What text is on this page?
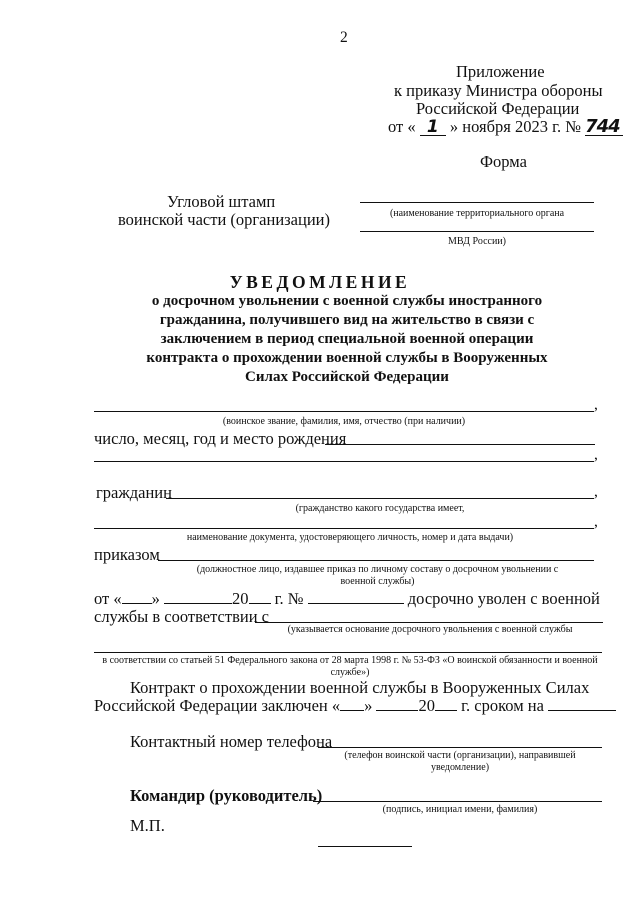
2
Приложение
к приказу Министра обороны
Российской Федерации
от « 1 » ноября 2023 г. № 744
Форма
Угловой штамп
воинской части (организации)	(наименование территориального органа
МВД России)
УВЕДОМЛЕНИЕ
о досрочном увольнении с военной службы иностранного гражданина, получившего вид на жительство в связи с заключением в период специальной военной операции контракта о прохождении военной службы в Вооруженных Силах Российской Федерации
,
(воинское звание, фамилия, имя, отчество (при наличии)
число, месяц, год и место рождения
,
гражданин	,
(гражданство какого государства имеет,
,
наименование документа, удостоверяющего личность, номер и дата выдачи)
приказом
(должностное лицо, издавшее приказ по личному составу о досрочном увольнении с военной службы)
от « »	20 г. №	досрочно уволен с военной
службы в соответствии с
(указывается основание досрочного увольнения с военной службы
в соответствии со статьей 51 Федерального закона от 28 марта 1998 г. № 53-ФЗ «О воинской обязанности и военной службе»)
Контракт о прохождении военной службы в Вооруженных Силах
Российской Федерации заключен « »	20 г. сроком на
Контактный номер телефона
(телефон воинской части (организации), направившей уведомление)
Командир (руководитель)
(подпись, инициал имени, фамилия)
М.П.
